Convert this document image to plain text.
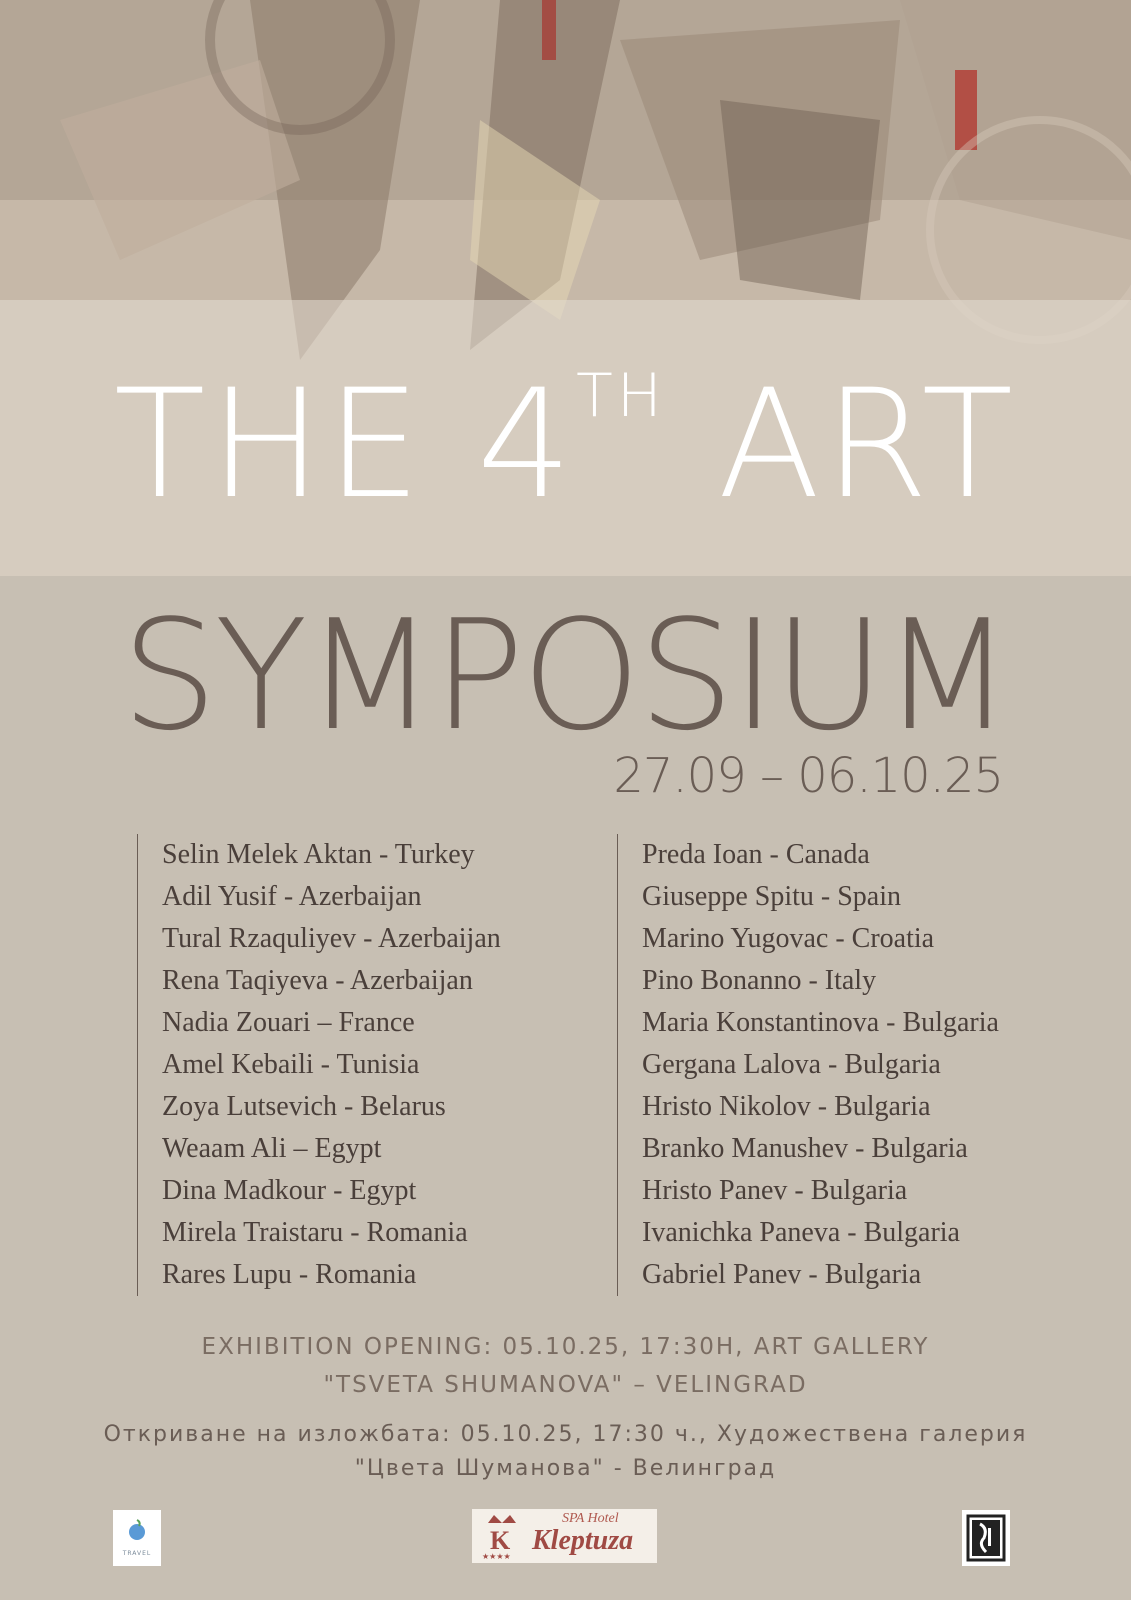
THE 4TH ART
SYMPOSIUM
27.09 – 06.10.25
Selin Melek Aktan - Turkey
Adil Yusif - Azerbaijan
Tural Rzaquliyev - Azerbaijan
Rena Taqiyeva - Azerbaijan
Nadia Zouari – France
Amel Kebaili - Tunisia
Zoya Lutsevich - Belarus
Weaam Ali – Egypt
Dina Madkour - Egypt
Mirela Traistaru - Romania
Rares Lupu - Romania
Preda Ioan - Canada
Giuseppe Spitu - Spain
Marino Yugovac - Croatia
Pino Bonanno - Italy
Maria Konstantinova - Bulgaria
Gergana Lalova - Bulgaria
Hristo Nikolov - Bulgaria
Branko Manushev - Bulgaria
Hristo Panev - Bulgaria
Ivanichka Paneva - Bulgaria
Gabriel Panev - Bulgaria
EXHIBITION OPENING: 05.10.25, 17:30H, ART GALLERY "TSVETA SHUMANOVA" – VELINGRAD
Откриване на изложбата: 05.10.25, 17:30 ч., Художествена галерия "Цвета Шуманова" - Велинград
TRAVEL	K
★★★★
SPA Hotel
Kleptuza
